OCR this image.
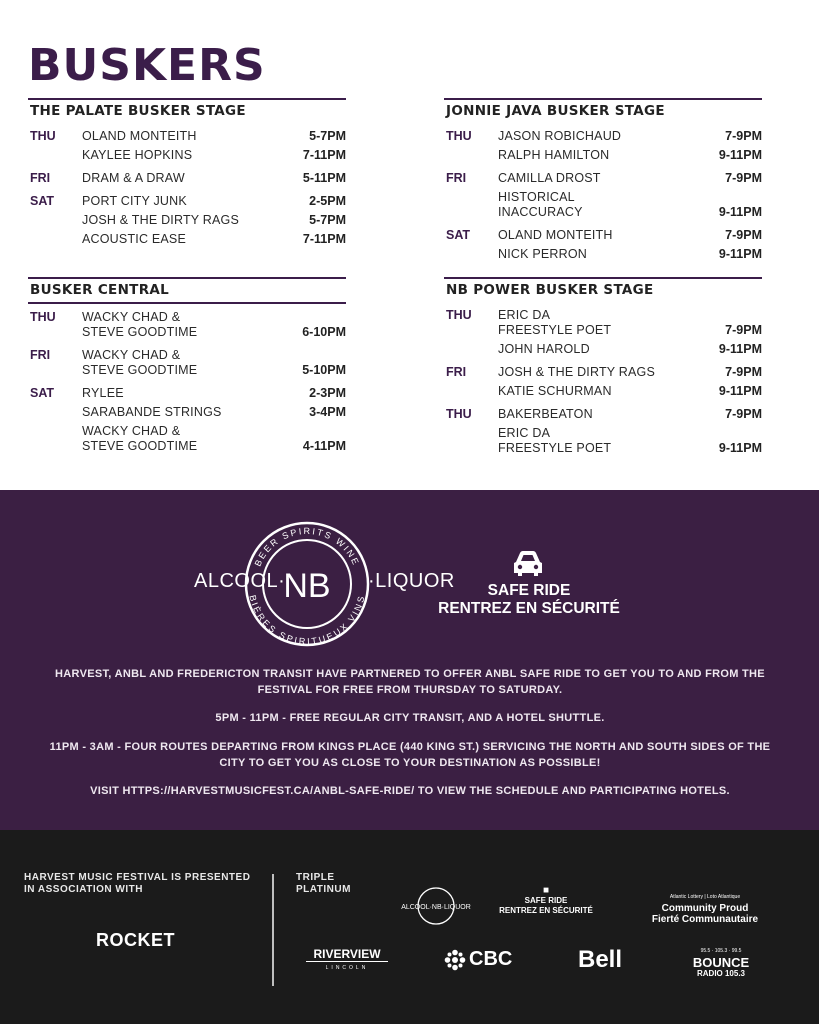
BUSKERS
THE PALATE BUSKER STAGE
THU	OLAND MONTEITH	5-7PM
KAYLEE HOPKINS	7-11PM
FRI	DRAM & A DRAW	5-11PM
SAT	PORT CITY JUNK	2-5PM
JOSH & THE DIRTY RAGS	5-7PM
ACOUSTIC EASE	7-11PM
BUSKER CENTRAL
THU	WACKY CHAD &
STEVE GOODTIME	6-10PM
FRI	WACKY CHAD &
STEVE GOODTIME	5-10PM
SAT	RYLEE	2-3PM
SARABANDE STRINGS	3-4PM
WACKY CHAD &
STEVE GOODTIME	4-11PM
JONNIE JAVA BUSKER STAGE
THU	JASON ROBICHAUD	7-9PM
RALPH HAMILTON	9-11PM
FRI	CAMILLA DROST	7-9PM
HISTORICAL
INACCURACY	9-11PM
SAT	OLAND MONTEITH	7-9PM
NICK PERRON	9-11PM
NB POWER BUSKER STAGE
THU	ERIC DA
FREESTYLE POET	7-9PM
JOHN HAROLD	9-11PM
FRI	JOSH & THE DIRTY RAGS	7-9PM
KATIE SCHURMAN	9-11PM
THU	BAKERBEATON	7-9PM
ERIC DA
FREESTYLE POET	9-11PM
BEER SPIRITS WINE
BIÈRES SPIRITUEUX VINS
NB
ALCOOL·	·LIQUOR	SAFE RIDE
RENTREZ EN SÉCURITÉ
HARVEST, ANBL AND FREDERICTON TRANSIT HAVE PARTNERED TO OFFER ANBL SAFE RIDE TO GET YOU TO AND FROM THE FESTIVAL FOR FREE FROM THURSDAY TO SATURDAY.
5PM - 11PM - FREE REGULAR CITY TRANSIT, AND A HOTEL SHUTTLE.
11PM - 3AM - FOUR ROUTES DEPARTING FROM KINGS PLACE (440 KING ST.) SERVICING THE NORTH AND SOUTH SIDES OF THE CITY TO GET YOU AS CLOSE TO YOUR DESTINATION AS POSSIBLE!
VISIT HTTPS://HARVESTMUSICFEST.CA/ANBL-SAFE-RIDE/ TO VIEW THE SCHEDULE AND PARTICIPATING HOTELS.
HARVEST MUSIC FESTIVAL IS PRESENTED IN ASSOCIATION WITH
TRIPLE PLATINUM
ROCKET
ALCOOL·NB·LIQUOR
■
SAFE RIDE
RENTREZ EN SÉCURITÉ
Atlantic Lottery | Loto Atlantique
Community Proud
Fierté Communautaire
RIVERVIEW
LINCOLN	CBC	Bell	95.5 · 105.3 · 99.5
BOUNCE
RADIO 105.3
